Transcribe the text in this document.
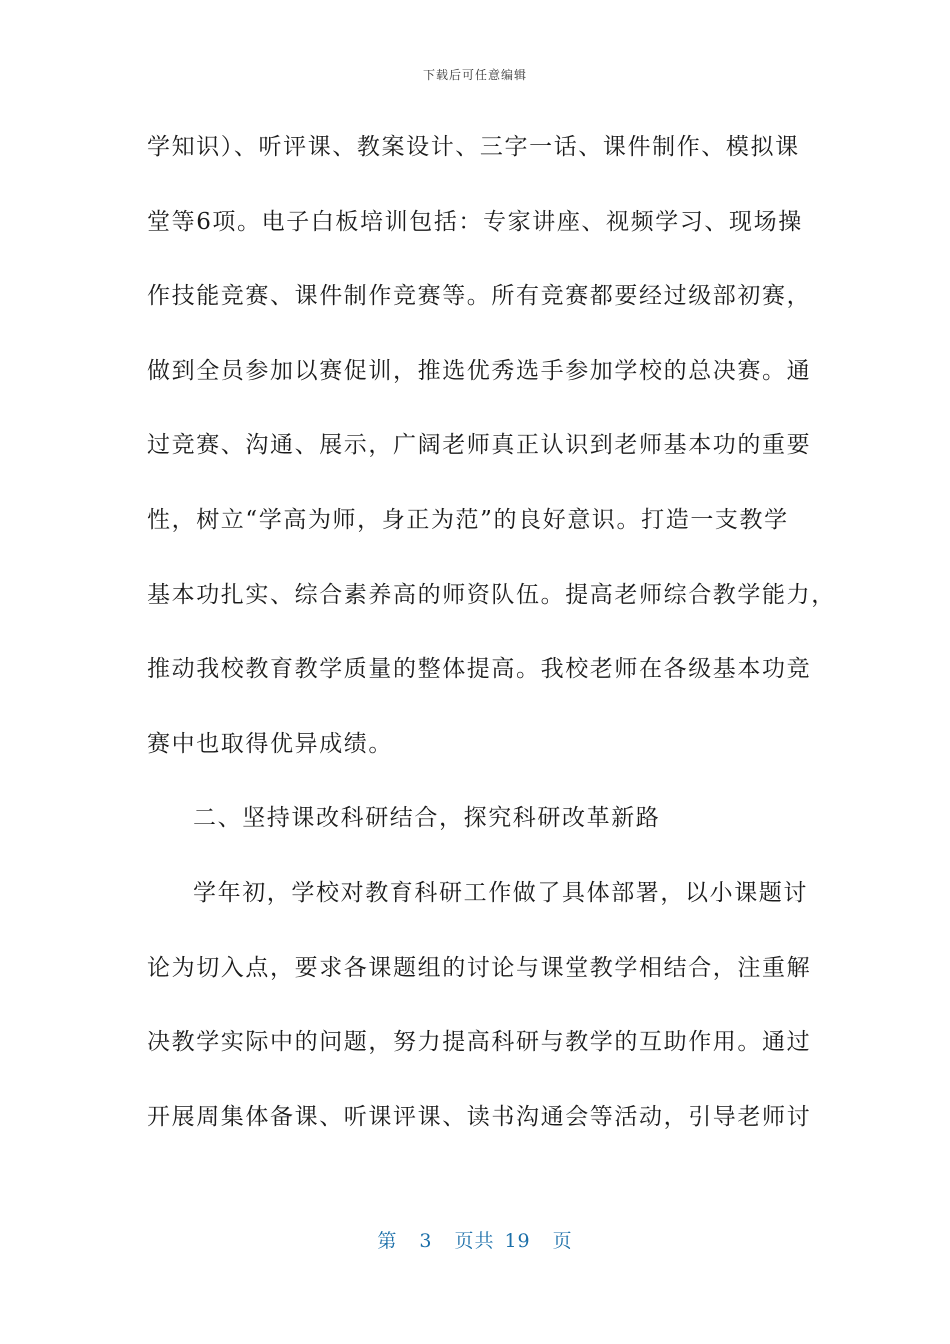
下载后可任意编辑
学知识）、听评课、教案设计、三字一话、课件制作、模拟课
堂等6项。电子白板培训包括：专家讲座、视频学习、现场操
作技能竞赛、课件制作竞赛等。所有竞赛都要经过级部初赛，
做到全员参加以赛促训，推选优秀选手参加学校的总决赛。通
过竞赛、沟通、展示，广阔老师真正认识到老师基本功的重要
性，树立“学高为师，身正为范”的良好意识。打造一支教学
基本功扎实、综合素养高的师资队伍。提高老师综合教学能力，
推动我校教育教学质量的整体提高。我校老师在各级基本功竞
赛中也取得优异成绩。
二、坚持课改科研结合，探究科研改革新路
学年初，学校对教育科研工作做了具体部署，以小课题讨
论为切入点，要求各课题组的讨论与课堂教学相结合，注重解
决教学实际中的问题，努力提高科研与教学的互助作用。通过
开展周集体备课、听课评课、读书沟通会等活动，引导老师讨
第 3 页共 19 页
